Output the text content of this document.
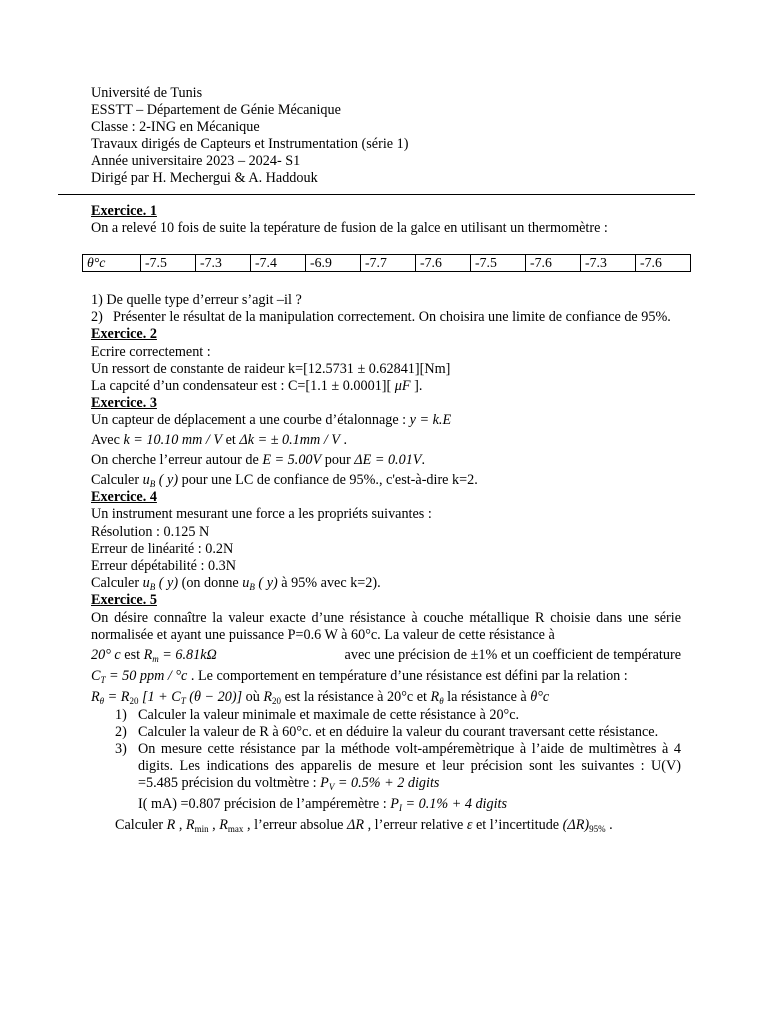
Université de Tunis
ESSTT – Département de Génie Mécanique
Classe : 2-ING en Mécanique
Travaux dirigés de Capteurs et Instrumentation (série 1)
Année universitaire 2023 – 2024- S1
Dirigé par H. Mechergui & A. Haddouk
Exercice. 1
On a relevé 10 fois de suite la tepérature de fusion de la galce en utilisant un thermomètre :
1) De quelle type d’erreur s’agit –il ?
2) Présenter le résultat de la manipulation correctement. On choisira une limite de confiance de 95%.
Exercice. 2
Ecrire correctement :
Un ressort de constante de raideur k=[12.5731 ± 0.62841][Nm]
La capcité d’un condensateur est : C=[1.1 ± 0.0001][ μF ].
Exercice. 3
Un capteur de déplacement a une courbe d’étalonnage : y = k.E
Avec k = 10.10 mm / V et Δk = ± 0.1mm / V .
On cherche l’erreur autour de E = 5.00V pour ΔE = 0.01V.
Calculer $u_B$ ( y) pour une LC de confiance de 95%., c'est-à-dire k=2.
Exercice. 4
Un instrument mesurant une force a les propriéts suivantes :
Résolution : 0.125 N
Erreur de linéarité : 0.2N
Erreur dépétabilité : 0.3N
Calculer $u_B$ ( y) (on donne $u_B$ ( y) à 95% avec k=2).
Exercice. 5
On désire connaître la valeur exacte d’une résistance à couche métallique R choisie dans une série normalisée et ayant une puissance P=0.6 W à 60°c. La valeur de cette résistance à
20° c est $R_m = 6.81k\Omega$	avec une précision de ±1% et un coefficient de température
$C_T = 50$ ppm / °c . Le comportement en température d’une résistance est défini par la relation :
$R_\theta = R_{20}$ [$1 + C_T$ (θ − 20)] où $R_{20}$ est la résistance à 20°c et $R_\theta$ la résistance à θ°c
1) Calculer la valeur minimale et maximale de cette résistance à 20°c.
2) Calculer la valeur de R à 60°c. et en déduire la valeur du courant traversant cette résistance.
3) On mesure cette résistance par la méthode volt-ampéremètrique à l’aide de multimètres à 4 digits. Les indications des apparelis de mesure et leur précision sont les suivantes : U(V) =5.485 précision du voltmètre : $P_V = 0.5\% + 2$ digits
I( mA) =0.807 précision de l’ampéremètre : $P_I = 0.1\% + 4$ digits
Calculer R , $R_{min}$ , $R_{max}$ , l’erreur absolue ΔR , l’erreur relative ε et l’incertitude $(\Delta R)_{95\%}$ .
θ°c	-7.5	-7.3	-7.4	-6.9	-7.7	-7.6	-7.5	-7.6	-7.3	-7.6
